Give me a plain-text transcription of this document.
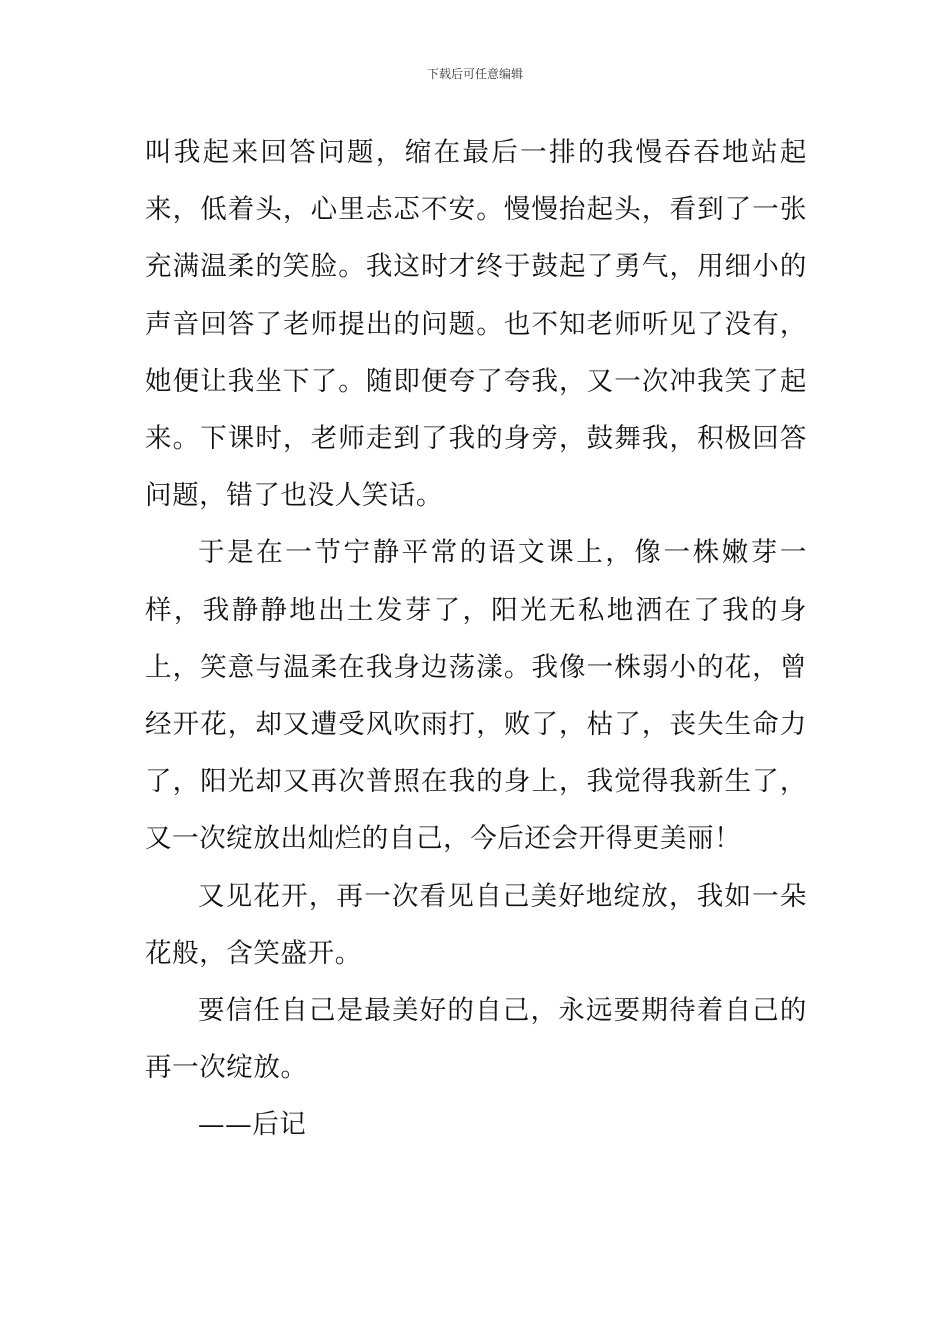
下载后可任意编辑

叫我起来回答问题，缩在最后一排的我慢吞吞地站起来，低着头，心里忐忑不安。慢慢抬起头，看到了一张充满温柔的笑脸。我这时才终于鼓起了勇气，用细小的声音回答了老师提出的问题。也不知老师听见了没有，她便让我坐下了。随即便夸了夸我，又一次冲我笑了起来。下课时，老师走到了我的身旁，鼓舞我，积极回答问题，错了也没人笑话。

于是在一节宁静平常的语文课上，像一株嫩芽一样，我静静地出土发芽了，阳光无私地洒在了我的身上，笑意与温柔在我身边荡漾。我像一株弱小的花，曾经开花，却又遭受风吹雨打，败了，枯了，丧失生命力了，阳光却又再次普照在我的身上，我觉得我新生了，又一次绽放出灿烂的自己，今后还会开得更美丽！

又见花开，再一次看见自己美好地绽放，我如一朵花般，含笑盛开。

要信任自己是最美好的自己，永远要期待着自己的再一次绽放。

——后记
